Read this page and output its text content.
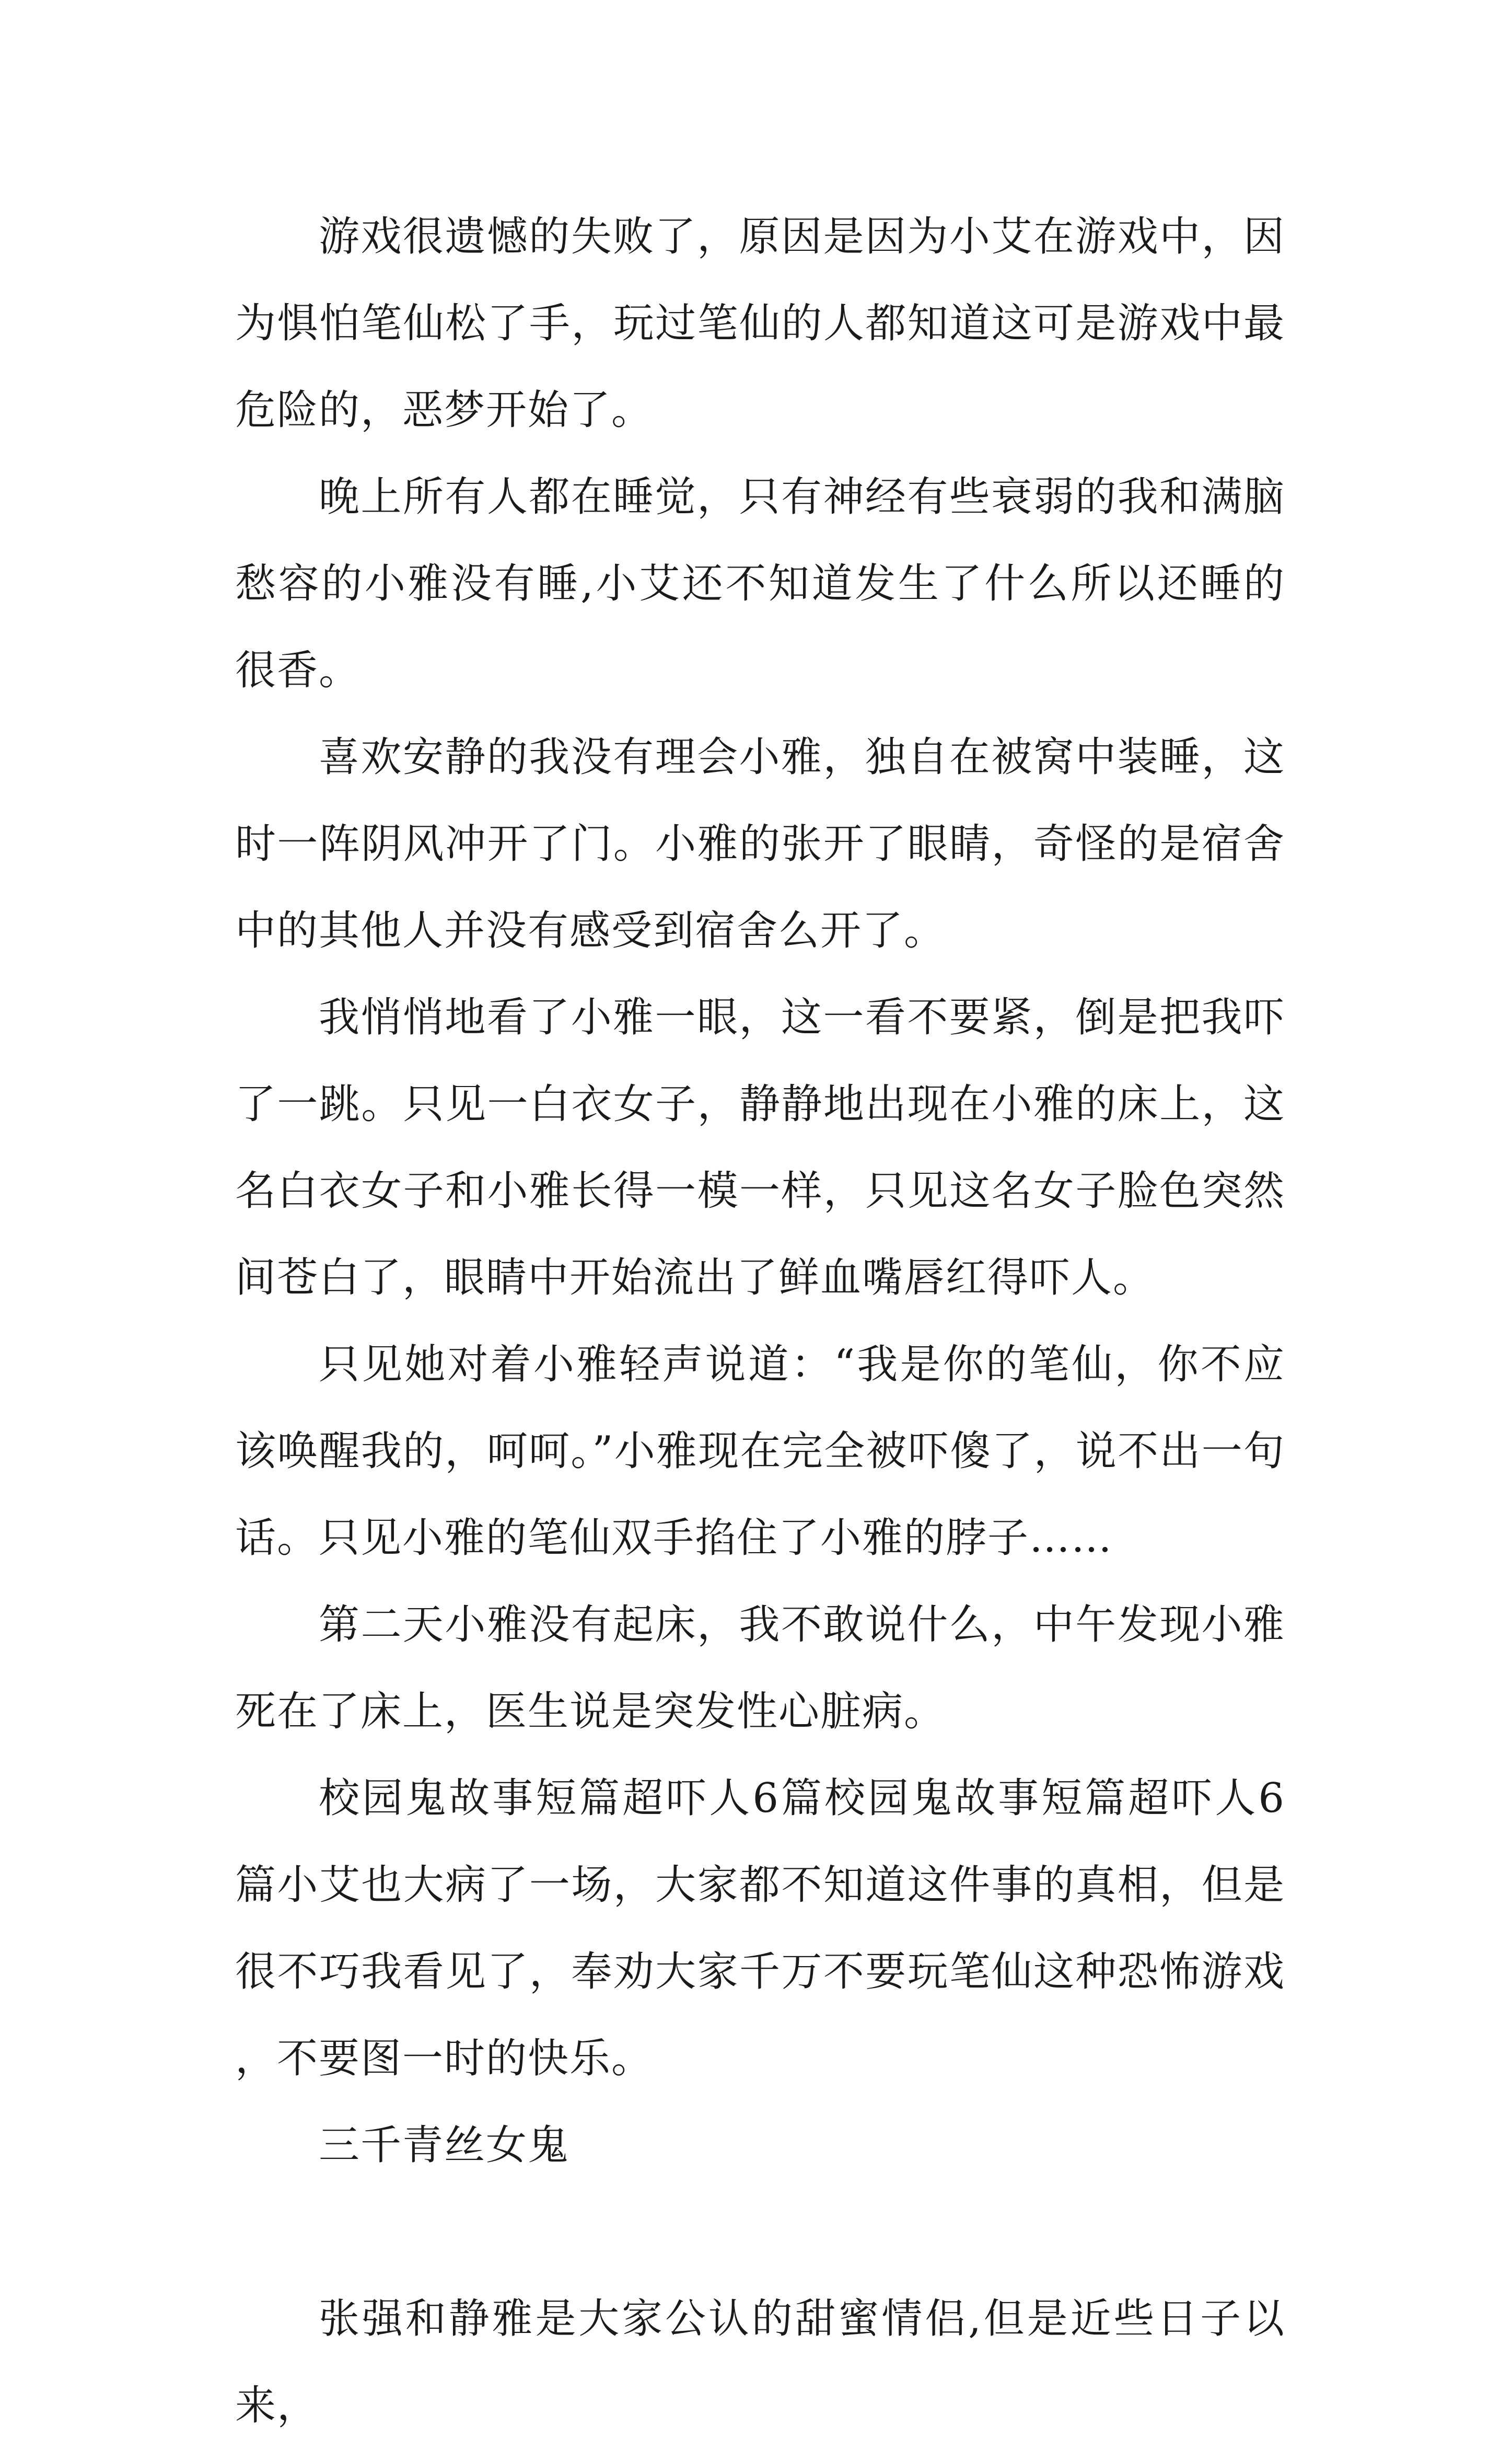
游戏很遗憾的失败了，原因是因为小艾在游戏中，因为惧怕笔仙松了手，玩过笔仙的人都知道这可是游戏中最危险的，恶梦开始了。

晚上所有人都在睡觉，只有神经有些衰弱的我和满脑愁容的小雅没有睡,小艾还不知道发生了什么所以还睡的很香。

喜欢安静的我没有理会小雅，独自在被窝中装睡，这时一阵阴风冲开了门。小雅的张开了眼睛，奇怪的是宿舍中的其他人并没有感受到宿舍么开了。

我悄悄地看了小雅一眼，这一看不要紧，倒是把我吓了一跳。只见一白衣女子，静静地出现在小雅的床上，这名白衣女子和小雅长得一模一样，只见这名女子脸色突然间苍白了，眼睛中开始流出了鲜血嘴唇红得吓人。

只见她对着小雅轻声说道：“我是你的笔仙，你不应该唤醒我的，呵呵。”小雅现在完全被吓傻了，说不出一句话。只见小雅的笔仙双手掐住了小雅的脖子……

第二天小雅没有起床，我不敢说什么，中午发现小雅死在了床上，医生说是突发性心脏病。

校园鬼故事短篇超吓人6篇校园鬼故事短篇超吓人6篇小艾也大病了一场，大家都不知道这件事的真相，但是很不巧我看见了，奉劝大家千万不要玩笔仙这种恐怖游戏，不要图一时的快乐。

三千青丝女鬼

张强和静雅是大家公认的甜蜜情侣,但是近些日子以来，
